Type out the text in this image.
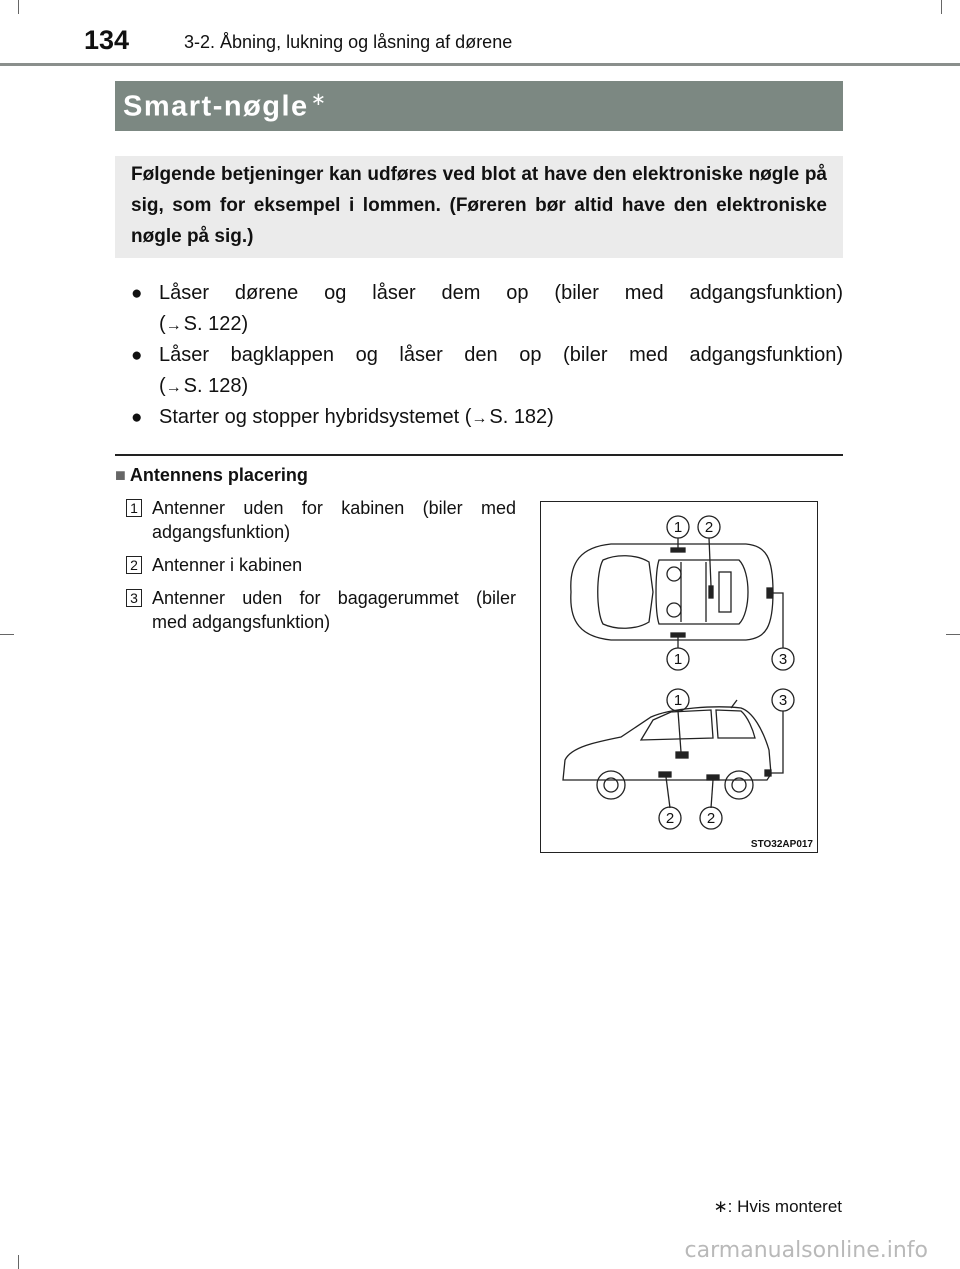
134	3-2. Åbning, lukning og låsning af dørene
Smart-nøgle ∗
Følgende betjeninger kan udføres ved blot at have den elektroniske nøgle på sig, som for eksempel i lommen. (Føreren bør altid have den elektroniske nøgle på sig.)
● Låser dørene og låser dem op (biler med adgangsfunktion)
(→ S. 122)
● Låser bagklappen og låser den op (biler med adgangsfunktion)
(→ S. 128)
● Starter og stopper hybridsystemet (→ S. 182)
■ Antennens placering
1 Antenner uden for kabinen (biler med
adgangsfunktion)
2 Antenner i kabinen
3 Antenner uden for bagagerummet (biler
med adgangsfunktion)
1 2
1	3
1	3
2 2
STO32AP017
∗: Hvis monteret
carmanualsonline.info
